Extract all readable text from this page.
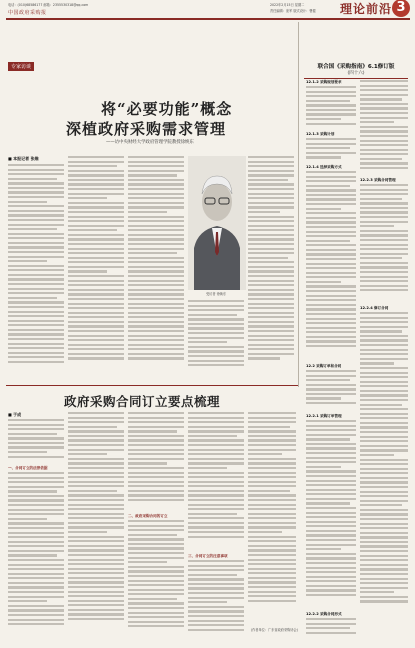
电话：(010)68586177 邮箱：2355530318@qq.com
中国政府采购报
2022年2月15日 星期二
责任编辑：庞军 版式设计：曹健	理论前沿 3
专家访谈
将“必要功能”概念
深植政府采购需求管理
——访中央财经大学政府管理学院教授徐焕东
■ 本报记者 张维
受访者 徐焕东
联合国《采购指南》6.1修订版
(四十六)
12.1.2 采购规划要求
12.1.3 采购计划
12.1.4 选择采购方式
12.2 采购订单和合同
12.2.1 采购订单管理
12.2.2 采购合同形式
12.2.3 采购合同管理
12.2.4 修订合同
政府采购合同订立要点梳理
■ 于成
一、合同订立的法律依据
二、政府采购合同的订立
三、合同订立的注意事项
(作者单位：广东省政府采购协会)
